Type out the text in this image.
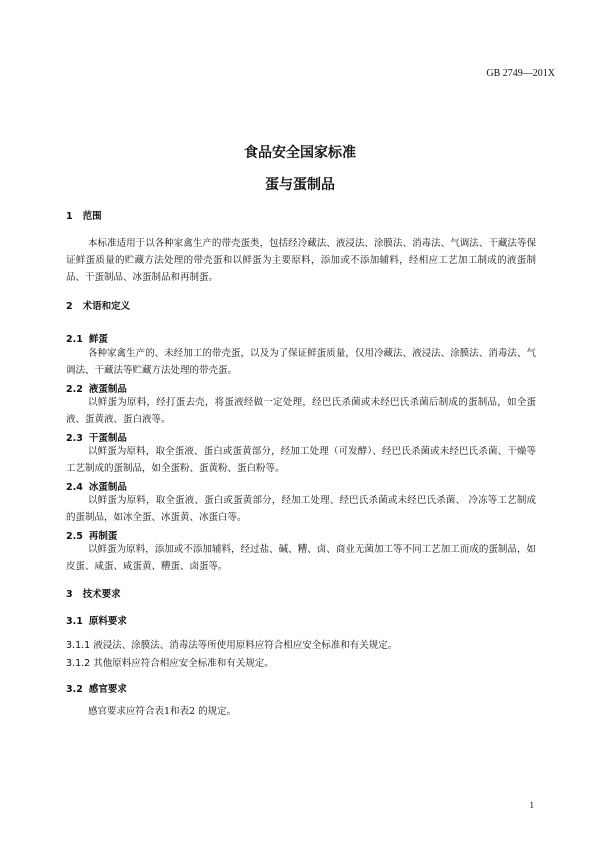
GB 2749—201X
食品安全国家标准
蛋与蛋制品
1 范围

本标准适用于以各种家禽生产的带壳蛋类，包括经冷藏法、液浸法、涂膜法、消毒法、气调法、干藏法等保证鲜蛋质量的贮藏方法处理的带壳蛋和以鲜蛋为主要原料，添加或不添加辅料，经相应工艺加工制成的液蛋制品、干蛋制品、冰蛋制品和再制蛋。

2 术语和定义
2.1 鲜蛋

各种家禽生产的、未经加工的带壳蛋，以及为了保证鲜蛋质量，仅用冷藏法、液浸法、涂膜法、消毒法、气调法、干藏法等贮藏方法处理的带壳蛋。

2.2 液蛋制品

以鲜蛋为原料，经打蛋去壳，将蛋液经做一定处理，经巴氏杀菌或未经巴氏杀菌后制成的蛋制品，如全蛋液、蛋黄液、蛋白液等。

2.3 干蛋制品

以鲜蛋为原料，取全蛋液、蛋白或蛋黄部分，经加工处理（可发酵）、经巴氏杀菌或未经巴氏杀菌、干燥等工艺制成的蛋制品，如全蛋粉、蛋黄粉、蛋白粉等。

2.4 冰蛋制品

以鲜蛋为原料，取全蛋液、蛋白或蛋黄部分，经加工处理、经巴氏杀菌或未经巴氏杀菌、 冷冻等工艺制成的蛋制品，如冰全蛋、冰蛋黄、冰蛋白等。

2.5 再制蛋

以鲜蛋为原料，添加或不添加辅料，经过盐、碱、糟、卤、商业无菌加工等不同工艺加工而成的蛋制品，如皮蛋、咸蛋、咸蛋黄、糟蛋、卤蛋等。

3 技术要求
3.1 原料要求
3.1.1 液浸法、涂膜法、消毒法等所使用原料应符合相应安全标准和有关规定。
3.1.2 其他原料应符合相应安全标准和有关规定。
3.2 感官要求

感官要求应符合表1和表2 的规定。

1
